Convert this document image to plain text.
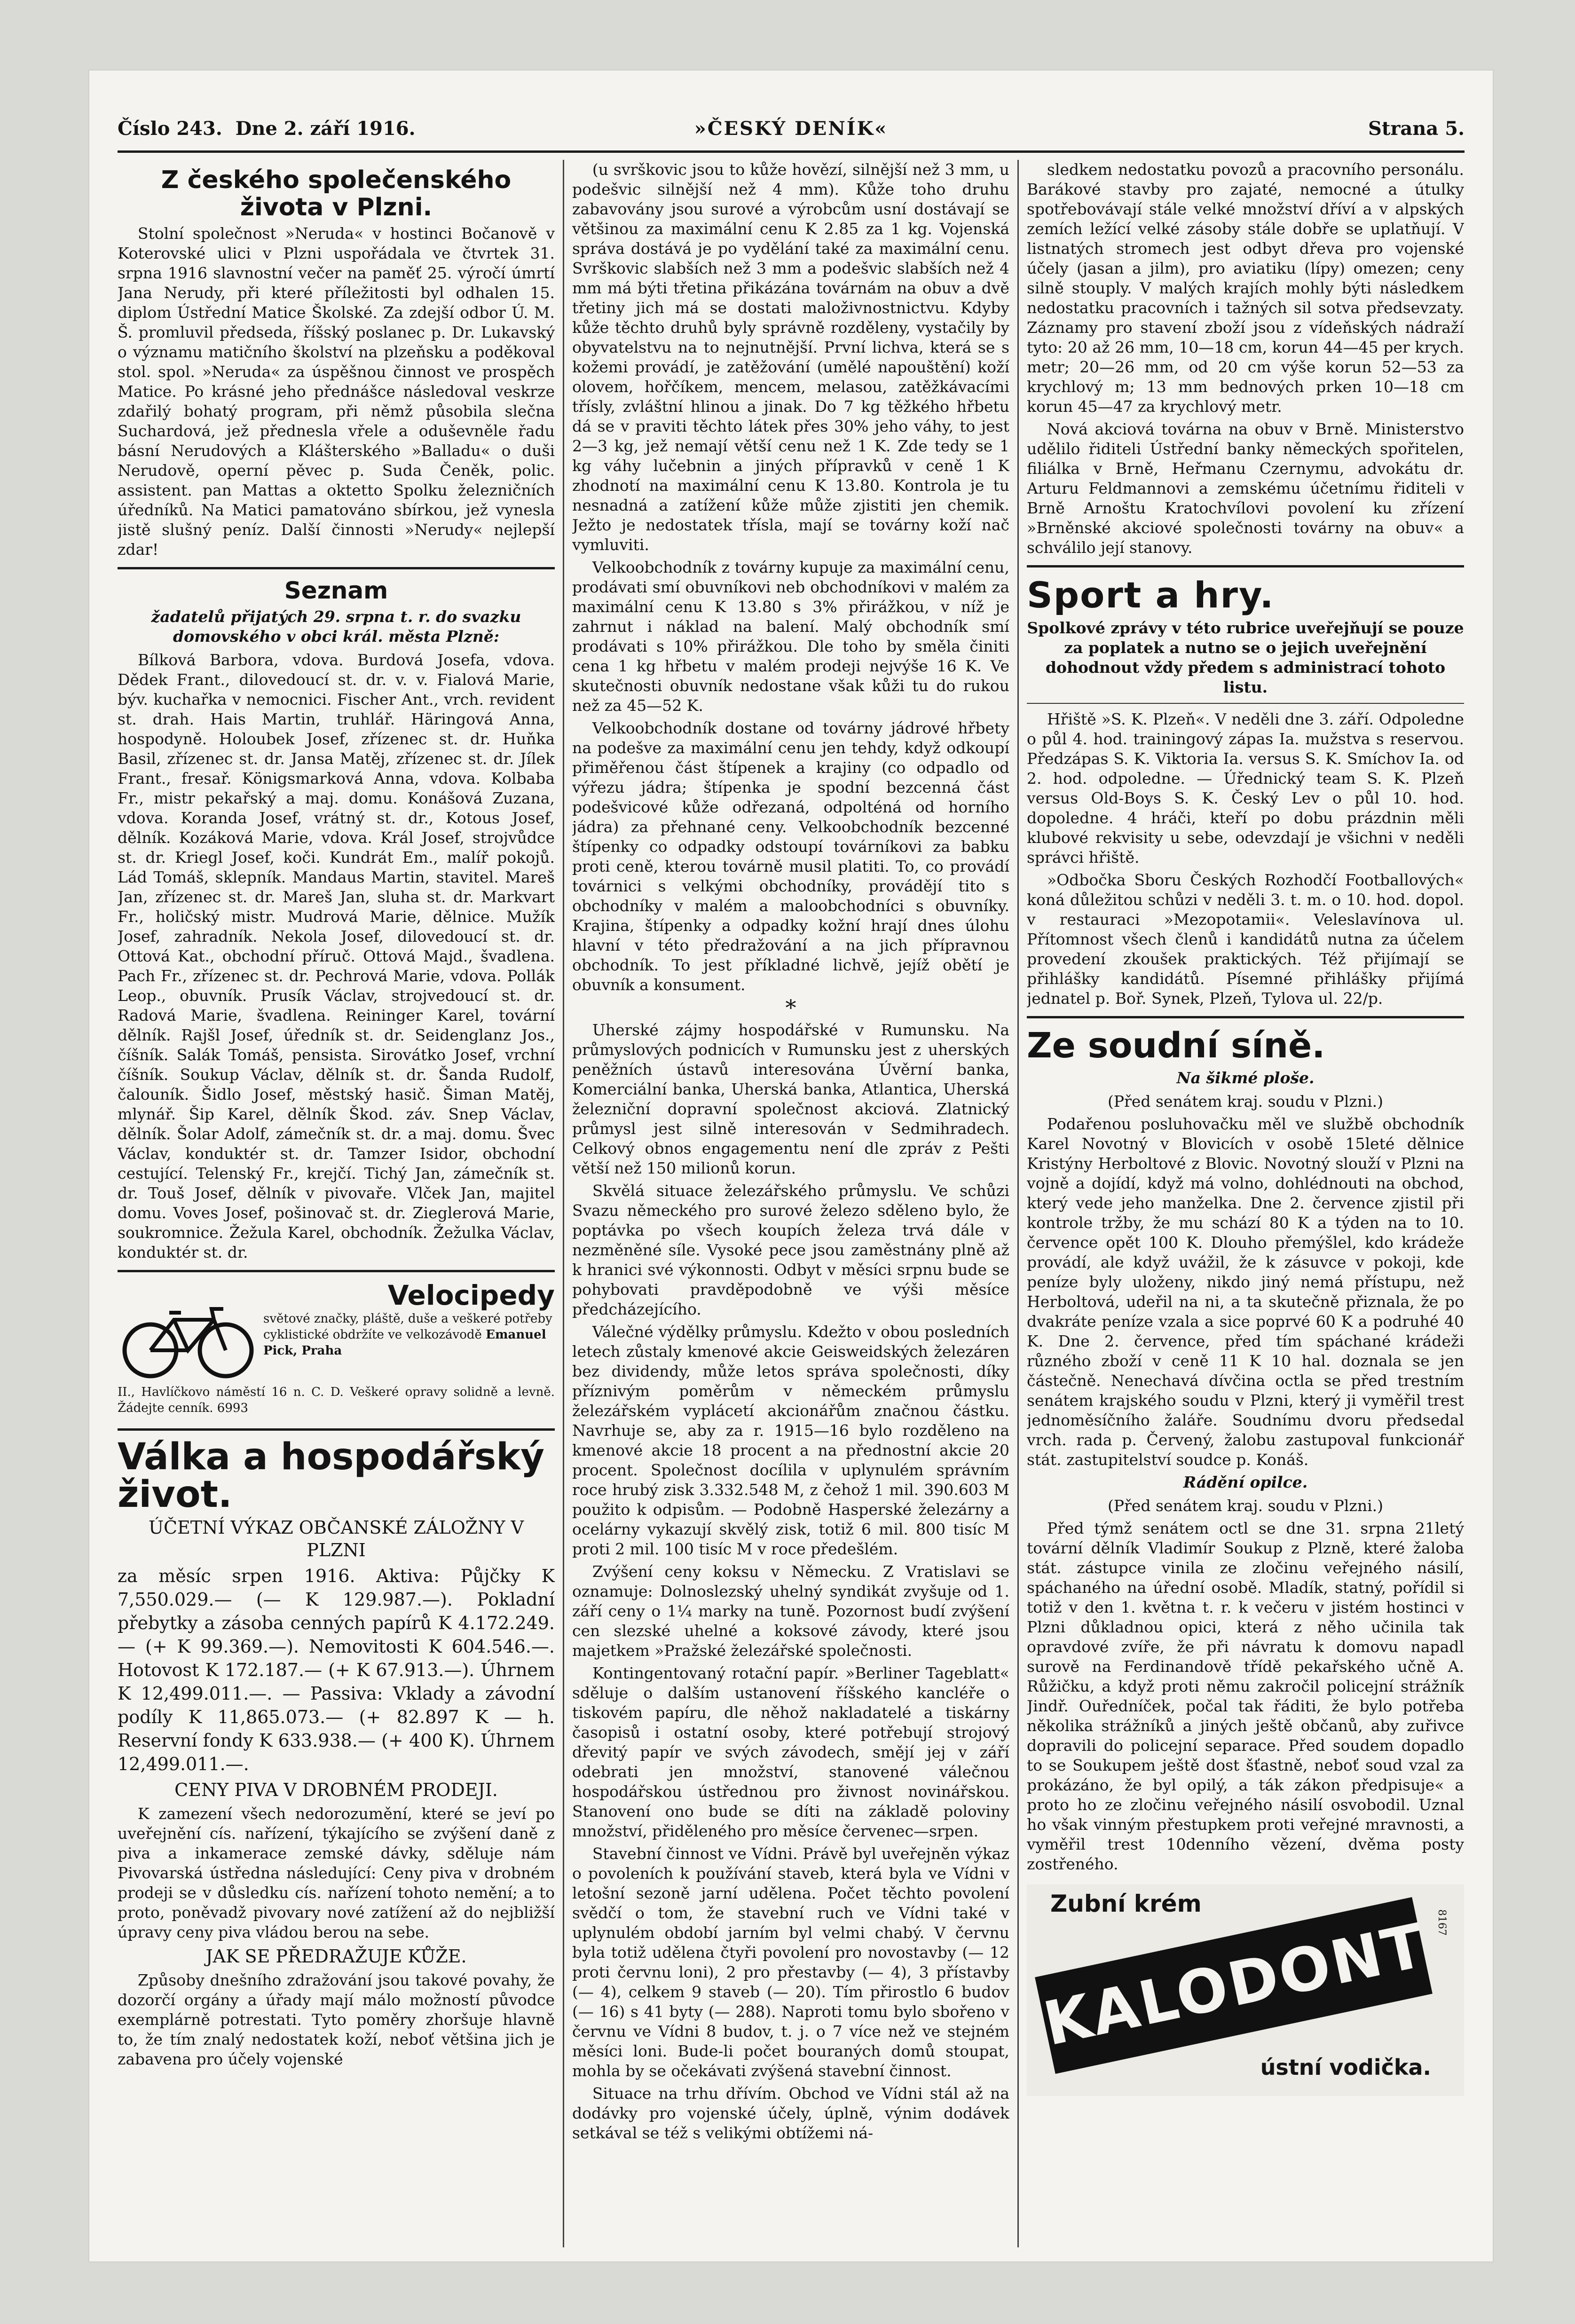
Číslo 243. Dne 2. září 1916.	»ČESKÝ DENÍK«	Strana 5.
Z českého společenského života v Plzni.

Stolní společnost »Neruda« v hostinci Bočanově v Koterovské ulici v Plzni uspořádala ve čtvrtek 31. srpna 1916 slavnostní večer na paměť 25. výročí úmrtí Jana Nerudy, při které příležitosti byl odhalen 15. diplom Ústřední Matice Školské. Za zdejší odbor Ú. M. Š. promluvil předseda, říšský poslanec p. Dr. Lukavský o významu matičního školství na plzeňsku a poděkoval stol. spol. »Neruda« za úspěšnou činnost ve prospěch Matice. Po krásné jeho přednášce následoval veskrze zdařilý bohatý program, při němž působila slečna Suchardová, jež přednesla vřele a oduševněle řadu básní Nerudových a Klášterského »Balladu« o duši Nerudově, operní pěvec p. Suda Čeněk, polic. assistent. pan Mattas a oktetto Spolku železničních úředníků. Na Matici pamatováno sbírkou, jež vynesla jistě slušný peníz. Další činnosti »Nerudy« nejlepší zdar!

Seznam
žadatelů přijatých 29. srpna t. r. do svazku domovského v obci král. města Plzně:

Bílková Barbora, vdova. Burdová Josefa, vdova. Dědek Frant., dilovedoucí st. dr. v. v. Fialová Marie, býv. kuchařka v nemocnici. Fischer Ant., vrch. revident st. drah. Hais Martin, truhlář. Häringová Anna, hospodyně. Holoubek Josef, zřízenec st. dr. Huňka Basil, zřízenec st. dr. Jansa Matěj, zřízenec st. dr. Jílek Frant., fresař. Königsmarková Anna, vdova. Kolbaba Fr., mistr pekařský a maj. domu. Konášová Zuzana, vdova. Koranda Josef, vrátný st. dr., Kotous Josef, dělník. Kozáková Marie, vdova. Král Josef, strojvůdce st. dr. Kriegl Josef, koči. Kundrát Em., malíř pokojů. Lád Tomáš, sklepník. Mandaus Martin, stavitel. Mareš Jan, zřízenec st. dr. Mareš Jan, sluha st. dr. Markvart Fr., holičský mistr. Mudrová Marie, dělnice. Mužík Josef, zahradník. Nekola Josef, dilovedoucí st. dr. Ottová Kat., obchodní příruč. Ottová Majd., švadlena. Pach Fr., zřízenec st. dr. Pechrová Marie, vdova. Pollák Leop., obuvník. Prusík Václav, strojvedoucí st. dr. Radová Marie, švadlena. Reininger Karel, tovární dělník. Rajšl Josef, úředník st. dr. Seidenglanz Jos., číšník. Salák Tomáš, pensista. Sirovátko Josef, vrchní číšník. Soukup Václav, dělník st. dr. Šanda Rudolf, čalouník. Šidlo Josef, městský hasič. Šiman Matěj, mlynář. Šip Karel, dělník Škod. záv. Snep Václav, dělník. Šolar Adolf, zámečník st. dr. a maj. domu. Švec Václav, konduktér st. dr. Tamzer Isidor, obchodní cestující. Telenský Fr., krejčí. Tichý Jan, zámečník st. dr. Touš Josef, dělník v pivovaře. Vlček Jan, majitel domu. Voves Josef, pošinovač st. dr. Zieglerová Marie, soukromnice. Žežula Karel, obchodník. Žežulka Václav, konduktér st. dr.

Velocipedy
světové značky, pláště, duše a veškeré potřeby cyklistické obdržíte ve velkozávodě Emanuel Pick, Praha
II., Havlíčkovo náměstí 16 n. C. D. Veškeré opravy solidně a levně. Žádejte cenník. 6993
Válka a hospodářský život.
ÚČETNÍ VÝKAZ OBČANSKÉ ZÁLOŽNY V PLZNI

za měsíc srpen 1916. Aktiva: Půjčky K 7,550.029.— (— K 129.987.—). Pokladní přebytky a zásoba cenných papírů K 4.172.249.— (+ K 99.369.—). Nemovitosti K 604.546.—. Hotovost K 172.187.— (+ K 67.913.—). Úhrnem K 12,499.011.—. — Passiva: Vklady a závodní podíly K 11,865.073.— (+ 82.897 K — h. Reservní fondy K 633.938.— (+ 400 K). Úhrnem 12,499.011.—.

CENY PIVA V DROBNÉM PRODEJI.

K zamezení všech nedorozumění, které se jeví po uveřejnění cís. nařízení, týkajícího se zvýšení daně z piva a inkamerace zemské dávky, sděluje nám Pivovarská ústředna následující: Ceny piva v drobném prodeji se v důsledku cís. nařízení tohoto nemění; a to proto, poněvadž pivovary nové zatížení až do nejbližší úpravy ceny piva vládou berou na sebe.

JAK SE PŘEDRAŽUJE KŮŽE.

Způsoby dnešního zdražování jsou takové povahy, že dozorčí orgány a úřady mají málo možností původce exemplárně potrestati. Tyto poměry zhoršuje hlavně to, že tím znalý nedostatek koží, neboť většina jich je zabavena pro účely vojenské

(u svrškovic jsou to kůže hovězí, silnější než 3 mm, u podešvic silnější než 4 mm). Kůže toho druhu zabavovány jsou surové a výrobcům usní dostávají se většinou za maximální cenu K 2.85 za 1 kg. Vojenská správa dostává je po vydělání také za maximální cenu. Svrškovic slabších než 3 mm a podešvic slabších než 4 mm má býti třetina přikázána továrnám na obuv a dvě třetiny jich má se dostati maloživnostnictvu. Kdyby kůže těchto druhů byly správně rozděleny, vystačily by obyvatelstvu na to nejnutnější. První lichva, která se s kožemi provádí, je zatěžování (umělé napouštění) koží olovem, hořčíkem, mencem, melasou, zatěžkávacími třísly, zvláštní hlinou a jinak. Do 7 kg těžkého hřbetu dá se v praviti těchto látek přes 30% jeho váhy, to jest 2—3 kg, jež nemají větší cenu než 1 K. Zde tedy se 1 kg váhy lučebnin a jiných přípravků v ceně 1 K zhodnotí na maximální cenu K 13.80. Kontrola je tu nesnadná a zatížení kůže může zjistiti jen chemik. Ježto je nedostatek třísla, mají se továrny koží nač vymluviti.

Velkoobchodník z továrny kupuje za maximální cenu, prodávati smí obuvníkovi neb obchodníkovi v malém za maximální cenu K 13.80 s 3% přirážkou, v níž je zahrnut i náklad na balení. Malý obchodník smí prodávati s 10% přirážkou. Dle toho by směla činiti cena 1 kg hřbetu v malém prodeji nejvýše 16 K. Ve skutečnosti obuvník nedostane však kůži tu do rukou než za 45—52 K.

Velkoobchodník dostane od továrny jádrové hřbety na podešve za maximální cenu jen tehdy, když odkoupí přiměřenou část štípenek a krajiny (co odpadlo od výřezu jádra; štípenka je spodní bezcenná část podešvicové kůže odřezaná, odpolténá od horního jádra) za přehnané ceny. Velkoobchodník bezcenné štípenky co odpadky odstoupí továrníkovi za babku proti ceně, kterou továrně musil platiti. To, co provádí továrnici s velkými obchodníky, provádějí tito s obchodníky v malém a maloobchodníci s obuvníky. Krajina, štípenky a odpadky kožní hrají dnes úlohu hlavní v této předražování a na jich přípravnou obchodník. To jest příkladné lichvě, jejíž obětí je obuvník a konsument.

*

Uherské zájmy hospodářské v Rumunsku. Na průmyslových podnicích v Rumunsku jest z uherských peněžních ústavů interesována Úvěrní banka, Komerciální banka, Uherská banka, Atlantica, Uherská železniční dopravní společnost akciová. Zlatnický průmysl jest silně interesován v Sedmihradech. Celkový obnos engagementu není dle zpráv z Pešti větší než 150 milionů korun.

Skvělá situace železářského průmyslu. Ve schůzi Svazu německého pro surové železo sděleno bylo, že poptávka po všech koupích železa trvá dále v nezměněné síle. Vysoké pece jsou zaměstnány plně až k hranici své výkonnosti. Odbyt v měsíci srpnu bude se pohybovati pravděpodobně ve výši měsíce předcházejícího.

Válečné výdělky průmyslu. Kdežto v obou posledních letech zůstaly kmenové akcie Geisweidských železáren bez dividendy, může letos správa společnosti, díky příznivým poměrům v německém průmyslu železářském vyplácetí akcionářům značnou částku. Navrhuje se, aby za r. 1915—16 bylo rozděleno na kmenové akcie 18 procent a na přednostní akcie 20 procent. Společnost docílila v uplynulém správním roce hrubý zisk 3.332.548 M, z čehož 1 mil. 390.603 M použito k odpisům. — Podobně Hasperské železárny a ocelárny vykazují skvělý zisk, totiž 6 mil. 800 tisíc M proti 2 mil. 100 tisíc M v roce předešlém.

Zvýšení ceny koksu v Německu. Z Vratislavi se oznamuje: Dolnoslezský uhelný syndikát zvyšuje od 1. září ceny o 1¼ marky na tuně. Pozornost budí zvýšení cen slezské uhelné a koksové závody, které jsou majetkem »Pražské železářské společnosti.

Kontingentovaný rotační papír. »Berliner Tageblatt« sděluje o dalším ustanovení říšského kancléře o tiskovém papíru, dle něhož nakladatelé a tiskárny časopisů i ostatní osoby, které potřebují strojový dřevitý papír ve svých závodech, smějí jej v září odebrati jen množství, stanovené válečnou hospodářskou ústřednou pro živnost novinářskou. Stanovení ono bude se díti na základě poloviny množství, přiděleného pro měsíce červenec—srpen.

Stavební činnost ve Vídni. Právě byl uveřejněn výkaz o povoleních k používání staveb, která byla ve Vídni v letošní sezoně jarní udělena. Počet těchto povolení svědčí o tom, že stavební ruch ve Vídni také v uplynulém období jarním byl velmi chabý. V červnu byla totiž udělena čtyři povolení pro novostavby (— 12 proti červnu loni), 2 pro přestavby (— 4), 3 přístavby (— 4), celkem 9 staveb (— 20). Tím přirostlo 6 budov (— 16) s 41 byty (— 288). Naproti tomu bylo sbořeno v červnu ve Vídni 8 budov, t. j. o 7 více než ve stejném měsíci loni. Bude-li počet bouraných domů stoupat, mohla by se očekávati zvýšená stavební činnost.

Situace na trhu dřívím. Obchod ve Vídni stál až na dodávky pro vojenské účely, úplně, výnim dodávek setkával se též s velikými obtížemi ná-

sledkem nedostatku povozů a pracovního personálu. Barákové stavby pro zajaté, nemocné a útulky spotřebovávají stále velké množství dříví a v alpských zemích ležící velké zásoby stále dobře se uplatňují. V listnatých stromech jest odbyt dřeva pro vojenské účely (jasan a jilm), pro aviatiku (lípy) omezen; ceny silně stouply. V malých krajích mohly býti následkem nedostatku pracovních i tažných sil sotva předsevzaty. Záznamy pro stavení zboží jsou z vídeňských nádraží tyto: 20 až 26 mm, 10—18 cm, korun 44—45 per krych. metr; 20—26 mm, od 20 cm výše korun 52—53 za krychlový m; 13 mm bednových prken 10—18 cm korun 45—47 za krychlový metr.

Nová akciová továrna na obuv v Brně. Ministerstvo udělilo řiditeli Ústřední banky německých spořitelen, filiálka v Brně, Heřmanu Czernymu, advokátu dr. Arturu Feldmannovi a zemskému účetnímu řiditeli v Brně Arnoštu Kratochvílovi povolení ku zřízení »Brněnské akciové společnosti továrny na obuv« a schválilo její stanovy.

Sport a hry.

Spolkové zprávy v této rubrice uveřejňují se pouze za poplatek a nutno se o jejich uveřejnění dohodnout vždy předem s administrací tohoto listu.

Hřiště »S. K. Plzeň«. V neděli dne 3. září. Odpoledne o půl 4. hod. trainingový zápas Ia. mužstva s reservou. Předzápas S. K. Viktoria Ia. versus S. K. Smíchov Ia. od 2. hod. odpoledne. — Úřednický team S. K. Plzeň versus Old-Boys S. K. Český Lev o půl 10. hod. dopoledne. 4 hráči, kteří po dobu prázdnin měli klubové rekvisity u sebe, odevzdají je všichni v neděli správci hřiště.

»Odbočka Sboru Českých Rozhodčí Footballových« koná důležitou schůzi v neděli 3. t. m. o 10. hod. dopol. v restauraci »Mezopotamii«. Veleslavínova ul. Přítomnost všech členů i kandidátů nutna za účelem provedení zkoušek praktických. Též přijímají se přihlášky kandidátů. Písemné přihlášky přijímá jednatel p. Boř. Synek, Plzeň, Tylova ul. 22/p.

Ze soudní síně.
Na šikmé ploše.

(Před senátem kraj. soudu v Plzni.)

Podařenou posluhovačku měl ve službě obchodník Karel Novotný v Blovicích v osobě 15leté dělnice Kristýny Herboltové z Blovic. Novotný slouží v Plzni na vojně a dojídí, když má volno, dohlédnouti na obchod, který vede jeho manželka. Dne 2. července zjistil při kontrole tržby, že mu schází 80 K a týden na to 10. července opět 100 K. Dlouho přemýšlel, kdo krádeže provádí, ale když uvážil, že k zásuvce v pokoji, kde peníze byly uloženy, nikdo jiný nemá přístupu, než Herboltová, udeřil na ni, a ta skutečně přiznala, že po dvakráte peníze vzala a sice poprvé 60 K a podruhé 40 K. Dne 2. července, před tím spáchané krádeži různého zboží v ceně 11 K 10 hal. doznala se jen částečně. Nenechavá dívčina octla se před trestním senátem krajského soudu v Plzni, který ji vyměřil trest jednoměsíčního žaláře. Soudnímu dvoru předsedal vrch. rada p. Červený, žalobu zastupoval funkcionář stát. zastupitelství soudce p. Konáš.

Rádění opilce.

(Před senátem kraj. soudu v Plzni.)

Před týmž senátem octl se dne 31. srpna 21letý tovární dělník Vladimír Soukup z Plzně, které žaloba stát. zástupce vinila ze zločinu veřejného násilí, spáchaného na úřední osobě. Mladík, statný, pořídil si totiž v den 1. května t. r. k večeru v jistém hostinci v Plzni důkladnou opici, která z něho učinila tak opravdové zvíře, že při návratu k domovu napadl surově na Ferdinandově třídě pekařského učně A. Růžičku, a když proti němu zakročil policejní strážník Jindř. Ouředníček, počal tak řáditi, že bylo potřeba několika strážníků a jiných ještě občanů, aby zuřivce dopravili do policejní separace. Před soudem dopadlo to se Soukupem ještě dost šťastně, neboť soud vzal za prokázáno, že byl opilý, a ták zákon předpisuje« a proto ho ze zločinu veřejného násilí osvobodil. Uznal ho však vinným přestupkem proti veřejné mravnosti, a vyměřil trest 10denního vězení, dvěma posty zostřeného.

Zubní krém
KALODONT
ústní vodička.
8167
